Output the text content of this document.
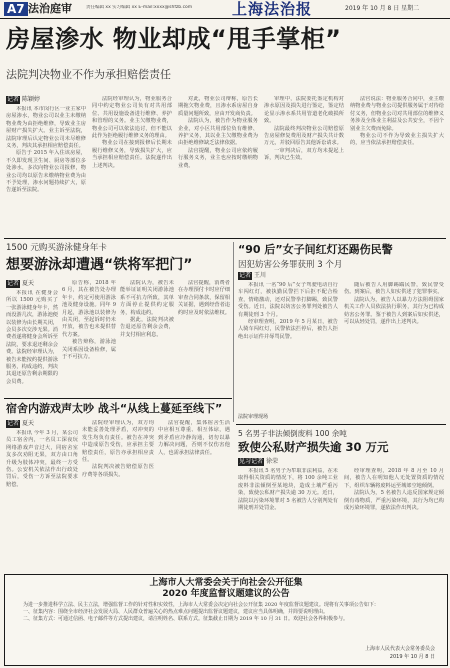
A7 法治庭审	责任编辑 xx 实习编辑 xx E-mail:xxxx@shfzb.com	上海法治报	2019 年 10 月 8 日 星期二
房屋渗水 物业却成“甩手掌柜”
法院判决物业不作为承担赔偿责任
记者 陈颖婷

本报讯 本市闵行区一业主家中房屋渗水，物业公司以业主未缴纳物业费为由拒绝维修，导致业主房屋财产损失扩大。业主诉至法院，法院审理后认定物业公司未尽维修义务，判决其承担相应赔偿责任。

原告于 2015 年入住该房屋，不久即发现卫生间、厨房等部位多处渗水，多次向物业公司报修，物业公司均以原告未缴纳物业费为由不予处理，渗水问题持续扩大，原告遂诉至法院。

法院经审理认为，物业服务合同中约定物业公司负有对共用部位、共用设施设备进行维修、养护和管理的义务。业主欠缴物业费，物业公司可以依法追讨，但不能以此作为拒绝履行维修义务的理由。

物业公司在接到报修后长期未履行维修义务，导致损失扩大，应当承担相应赔偿责任。法院遂作出上述判决。

对此，物业公司辩称，原告长期拖欠物业费，且渗水系房屋自身质量问题所致，应由开发商负责。

法院认为，被告作为物业服务企业，对小区共用部位负有维修、养护义务，其以业主欠缴物业费为由拒绝维修缺乏法律依据。

法官提醒，物业公司应依约履行服务义务，业主也应按时缴纳物业费。

审理中，法院委托鉴定机构对渗水原因及损失进行鉴定，鉴定结论显示渗水系共用管道老化破损所致。

法院最终判决物业公司赔偿原告房屋修复费用及财产损失共计数万元，并驳回原告其他诉讼请求。

一审判决后，双方均未提起上诉，判决已生效。

法官说法：物业服务合同中，业主缴纳物业费与物业公司提供服务属于对待给付义务，但物业公司对共用部位的维修义务涉及全体业主利益及公共安全，不因个别业主欠费而免除。

物业公司不作为导致业主损失扩大的，应当依法承担赔偿责任。

1500 元购买游泳健身年卡
想要游泳却遭遇“铁将军把门”
记者 夏天

本报讯 在健身会所以 1500 元购买了一张游泳健身年卡，然而没游几次，游泳池便以装修为由长期关闭，会员多次交涉无果。消费者遂将健身会所诉至法院，要求退还剩余会费。法院经审理认为，被告未能按约提供游泳服务，构成违约，判决其退还原告剩余期限的会员费。

原告称，2018 年 6 月，其在被告处办理年卡，约定可使用游泳池及健身设施。同年 9 月起，游泳池以装修为由关闭，至起诉时仍未开放，被告也未提供替代方案。

被告辩称，游泳池关闭系因设备检修，属于不可抗力。

法院认为，被告未能举证证明关闭游泳池系不可抗力所致，其单方面停止提供约定服务，构成违约。

据此，法院判决被告退还原告剩余会费，并支付相应利息。

法官提醒，消费者在办理预付卡时应仔细审查合同条款，保留相关证据，遇到经营者违约时应及时依法维权。

“90 后”女子间红灯还踢伤民警
因犯妨害公务罪获刑 3 个月
记者 王川

本报讯 一名“90 后”女子驾驶电动自行车闯红灯，被执勤民警拦下后拒不配合检查，情绪激动，还对民警拳打脚踢，致民警受伤。近日，法院以妨害公务罪判处被告人有期徒刑 3 个月。

经审理查明，2019 年 5 月某日，被告人骑车闯红灯，民警依法拦停后，被告人拒绝出示证件并辱骂民警。

随后被告人用脚踢踹民警，致民警受伤。到案后，被告人如实供述了犯罪事实。

法院认为，被告人以暴力方法阻碍国家机关工作人员依法执行职务，其行为已构成妨害公务罪。鉴于被告人到案后如实供述，可以从轻处罚，遂作出上述判决。

法院审理现场
宿舍内游戏声太吵 战斗“从线上蔓延至线下”
记者 夏天

本报讯 今年 3 月，某公司员工宿舍内，一名员工深夜玩网络游戏声音过大，同宿舍室友多次劝阻无果，双方由口角升级为肢体冲突，最终一方受伤。公安机关依法作出行政处罚后，受伤一方诉至法院要求赔偿。

法院经审理认为，双方均未能妥善处理矛盾，对冲突的发生均负有责任。被告在冲突中造成原告受伤，应承担主要赔偿责任，原告亦承担相应责任。

法院判决被告赔偿原告医疗费等各项损失。

法官提醒，集体宿舍生活中应相互尊重、相互体谅，遇到矛盾应冷静沟通，切勿以暴力解决问题，否则不仅伤害他人，也需承担法律责任。

5 名男子非法倾倒废料 100 余吨
致使公私财产损失逾 30 万元
见习记者 徐荣

本报讯 5 名男子为牟取非法利益，在未取得相关资质的情况下，将 100 余吨工业废料非法倾倒至某地块，造成土壤严重污染，致使公私财产损失逾 30 万元。近日，法院以污染环境罪对 5 名被告人分别判处有期徒刑并处罚金。

经审理查明，2018 年 8 月至 10 月间，被告人在明知他人无处置资质的情况下，组织车辆将废料运至城郊空地倾倒。

法院认为，5 名被告人违反国家规定倾倒有毒物质，严重污染环境，其行为均已构成污染环境罪，遂依法作出判决。

上海市人大常委会关于向社会公开征集
2020 年度监督议题建议的公告

为进一步推进科学立法、民主立法，增强监督工作的针对性和实效性，上海市人大常委会决定向社会公开征集 2020 年度监督议题建议。现将有关事项公告如下：

一、征集内容：围绕全市经济社会发展大局、人民群众普遍关心的热点难点问题提出监督议题建议，建议应当具体明确，并简要说明理由。

二、征集方式：可通过信函、电子邮件等方式提出建议，请注明姓名、联系方式。征集截止日期为 2019 年 10 月 31 日。欢迎社会各界积极参与。

上海市人民代表大会常务委员会
2019 年 10 月 8 日
